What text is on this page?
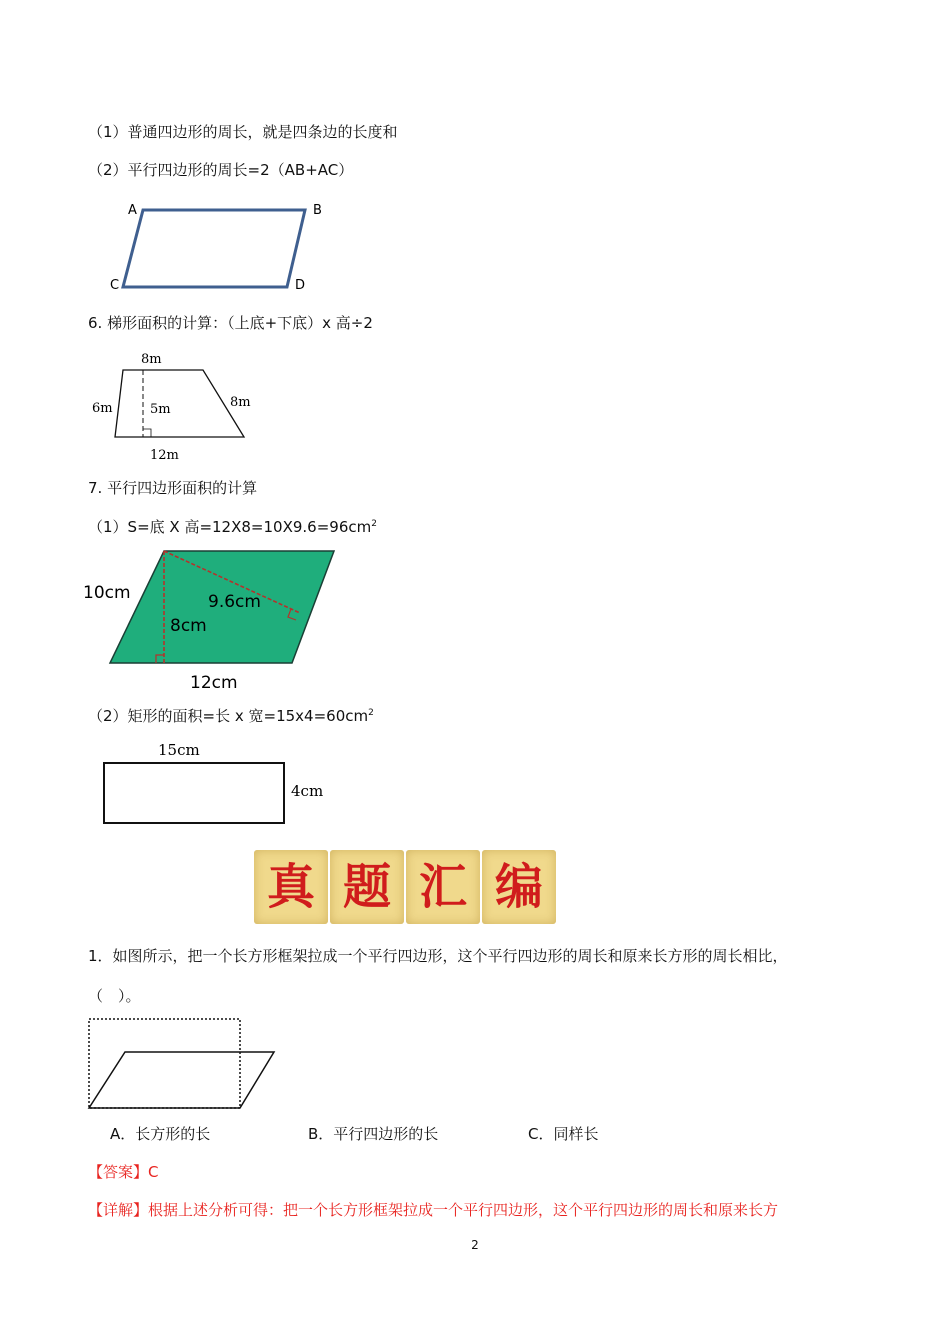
（1）普通四边形的周长，就是四条边的长度和
（2）平行四边形的周长=2（AB+AC）
A	B
C	D
6. 梯形面积的计算：（上底+下底）x 高÷2
8m
6m	5m	8m
12m
7. 平行四边形面积的计算
（1）S=底 X 高$=12X8=10X9.6=96cm^2$
10cm	9.6cm
8cm
12cm
（2）矩形的面积=长 x 宽$=15x4=60cm^2$
15cm
4cm
真 题 汇 编
1．如图所示，把一个长方形框架拉成一个平行四边形，这个平行四边形的周长和原来长方形的周长相比，
（　）。
A．长方形的长	B．平行四边形的长	C．同样长
【答案】C
【详解】根据上述分析可得：把一个长方形框架拉成一个平行四边形，这个平行四边形的周长和原来长方
2
